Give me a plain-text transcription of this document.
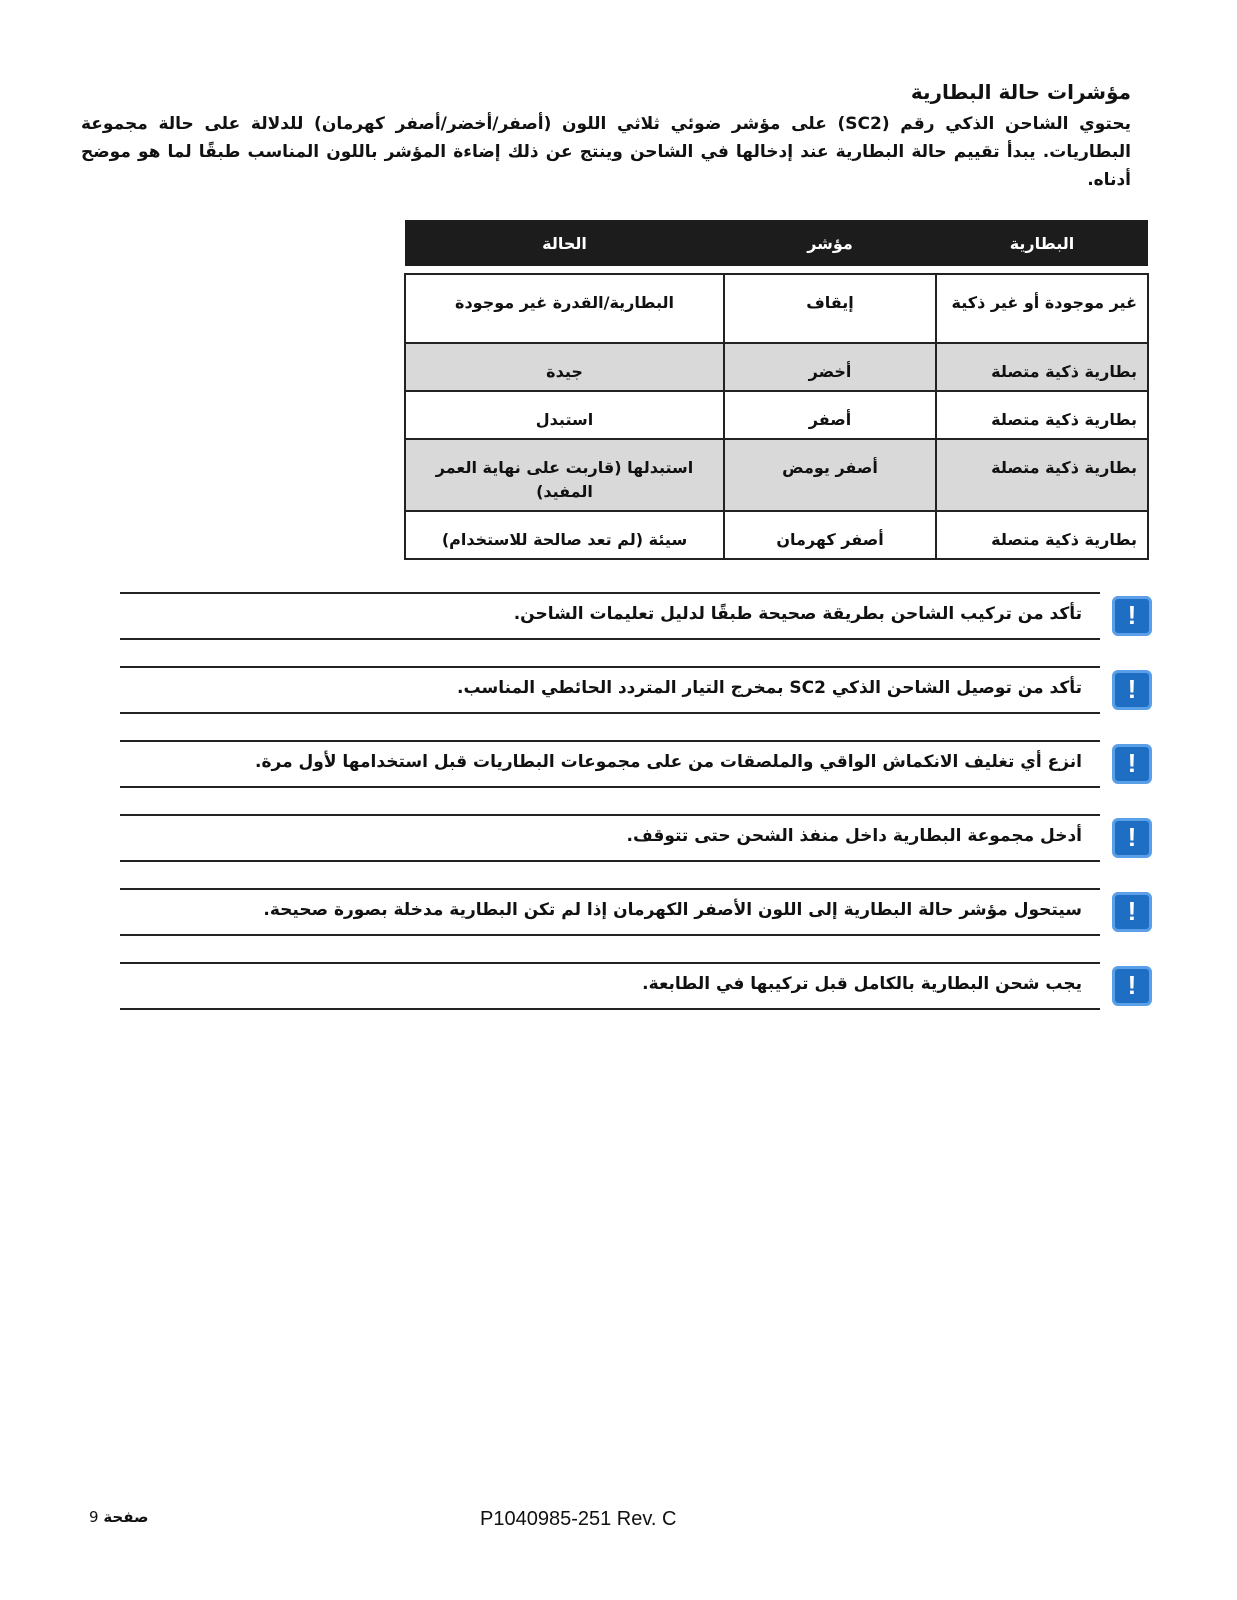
مؤشرات حالة البطارية

يحتوي الشاحن الذكي رقم (SC2) على مؤشر ضوئي ثلاثي اللون (أصفر/أخضر/أصفر كهرمان) للدلالة على حالة مجموعة البطاريات. يبدأ تقييم حالة البطارية عند إدخالها في الشاحن وينتج عن ذلك إضاءة المؤشر باللون المناسب طبقًا لما هو موضح أدناه.

البطارية	مؤشر	الحالة
غير موجودة أو غير ذكية	إيقاف	البطارية/القدرة غير موجودة
بطارية ذكية متصلة	أخضر	جيدة
بطارية ذكية متصلة	أصفر	استبدل
بطارية ذكية متصلة	أصفر يومض	استبدلها (قاربت على نهاية العمر المفيد)
بطارية ذكية متصلة	أصفر كهرمان	سيئة (لم تعد صالحة للاستخدام)
!
تأكد من تركيب الشاحن بطريقة صحيحة طبقًا لدليل تعليمات الشاحن.
!
تأكد من توصيل الشاحن الذكي SC2 بمخرج التيار المتردد الحائطي المناسب.
!
انزع أي تغليف الانكماش الواقي والملصقات من على مجموعات البطاريات قبل استخدامها لأول مرة.
!
أدخل مجموعة البطارية داخل منفذ الشحن حتى تتوقف.
!
سيتحول مؤشر حالة البطارية إلى اللون الأصفر الكهرمان إذا لم تكن البطارية مدخلة بصورة صحيحة.
!
يجب شحن البطارية بالكامل قبل تركيبها في الطابعة.
صفحة 9	P1040985-251 Rev. C
